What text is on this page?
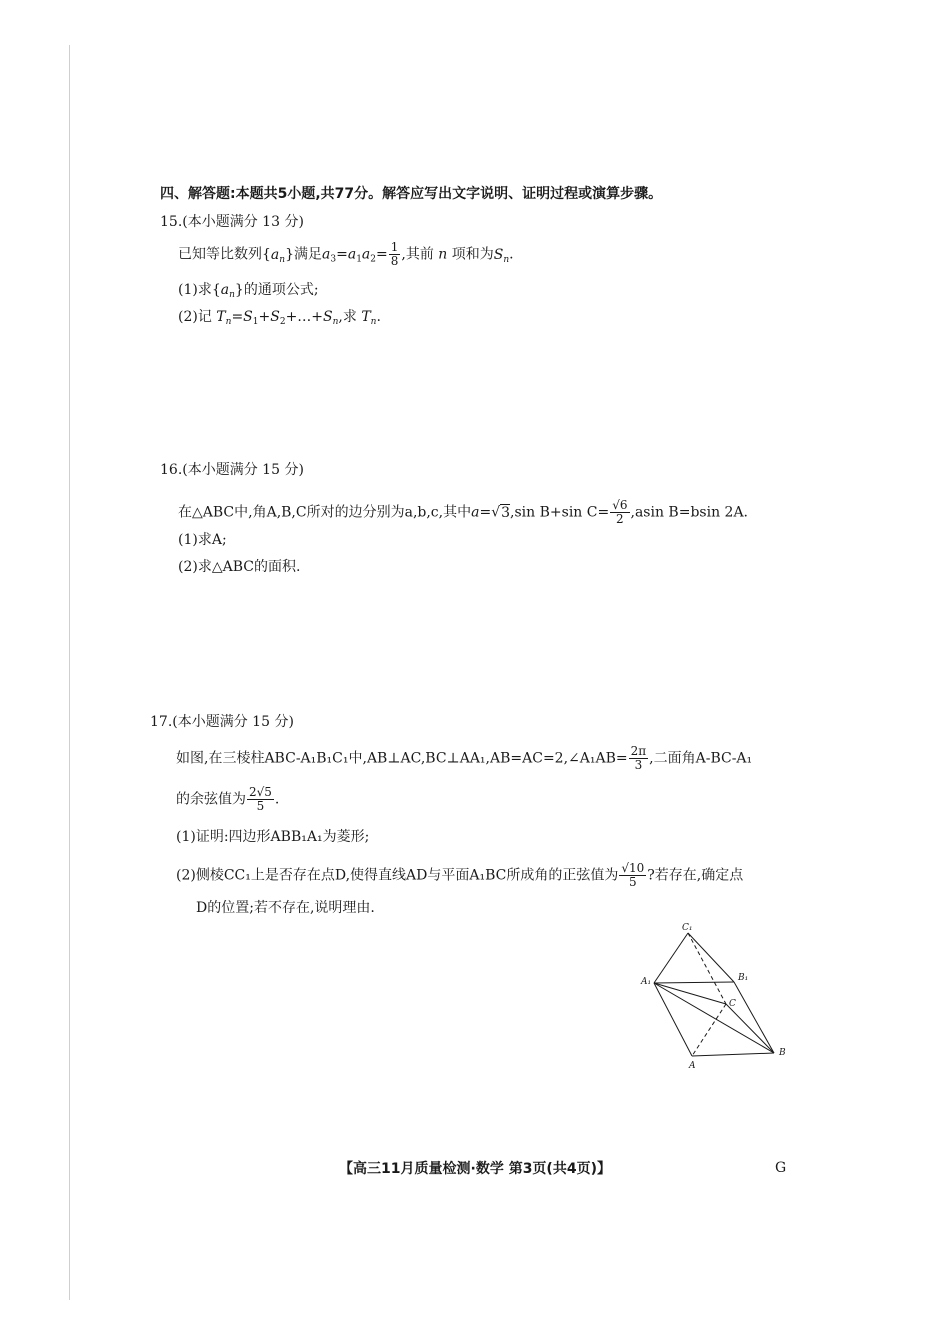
四、解答题:本题共5小题,共77分。解答应写出文字说明、证明过程或演算步骤。
15.(本小题满分 13 分)
已知等比数列$\{a_n\}$满足$a_3=a_1a_2= \frac{1}{8}$ ,其前 n 项和为$S_n$.
(1)求$\{a_n\}$的通项公式;
(2)记 $T_n=S_1+S_2+\dots+S_n$,求 $T_n$.
16.(本小题满分 15 分)
在△ABC中,角A,B,C所对的边分别为a,b,c,其中a=√3,sin B+sin $C= \frac{√6}{2} ,asin$ B=bsin 2A.
(1)求A;
(2)求△ABC的面积.
17.(本小题满分 15 分)
如图,在三棱柱ABC-A₁B₁C₁中,AB⊥AC,BC⊥AA₁,AB=AC=2,∠A₁AB= $\frac{2\pi}{3}$ ,二面角A-BC-A₁
的余弦值为 $\frac{2√5}{5}$ .
(1)证明:四边形ABB₁A₁为菱形;
(2)侧棱CC₁上是否存在点D,使得直线AD与平面A₁BC所成角的正弦值为 $\frac{√10}{5}$ ?若存在,确定点
D的位置;若不存在,说明理由.
C₁
B₁
A₁
C
A
B
【高三11月质量检测·数学 第3页(共4页)】	G
